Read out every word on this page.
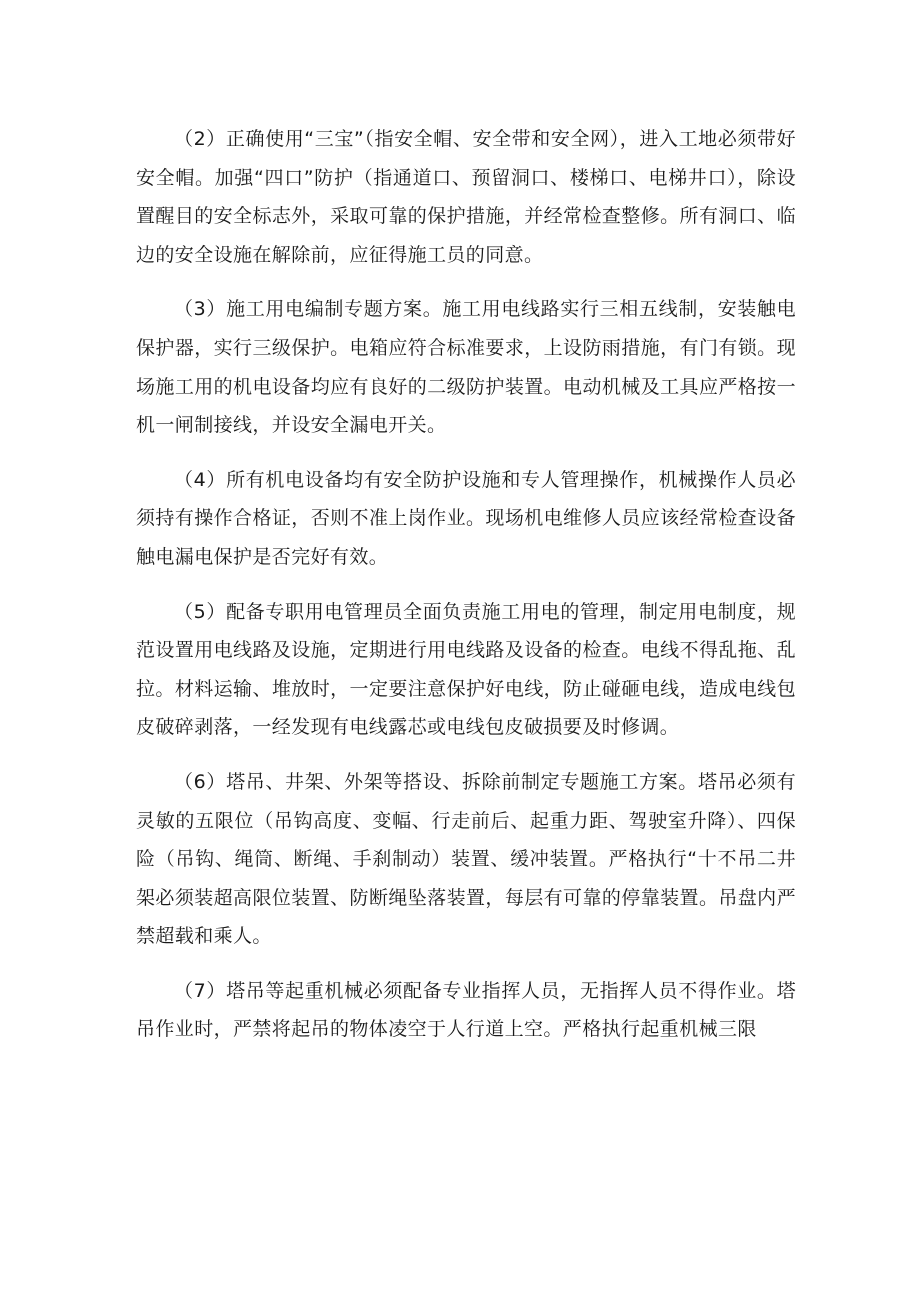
（2）正确使用“三宝”（指安全帽、安全带和安全网），进入工地必须带好安全帽。加强“四口”防护（指通道口、预留洞口、楼梯口、电梯井口），除设置醒目的安全标志外，采取可靠的保护措施，并经常检查整修。所有洞口、临边的安全设施在解除前，应征得施工员的同意。

（3）施工用电编制专题方案。施工用电线路实行三相五线制，安装触电保护器，实行三级保护。电箱应符合标准要求，上设防雨措施，有门有锁。现场施工用的机电设备均应有良好的二级防护装置。电动机械及工具应严格按一机一闸制接线，并设安全漏电开关。

（4）所有机电设备均有安全防护设施和专人管理操作，机械操作人员必须持有操作合格证，否则不准上岗作业。现场机电维修人员应该经常检查设备触电漏电保护是否完好有效。

（5）配备专职用电管理员全面负责施工用电的管理，制定用电制度，规范设置用电线路及设施，定期进行用电线路及设备的检查。电线不得乱拖、乱拉。材料运输、堆放时，一定要注意保护好电线，防止碰砸电线，造成电线包皮破碎剥落，一经发现有电线露芯或电线包皮破损要及时修调。

（6）塔吊、井架、外架等搭设、拆除前制定专题施工方案。塔吊必须有灵敏的五限位（吊钩高度、变幅、行走前后、起重力距、驾驶室升降）、四保险（吊钩、绳筒、断绳、手刹制动）装置、缓冲装置。严格执行“十不吊二井架必须装超高限位装置、防断绳坠落装置，每层有可靠的停靠装置。吊盘内严禁超载和乘人。

（7）塔吊等起重机械必须配备专业指挥人员，无指挥人员不得作业。塔吊作业时，严禁将起吊的物体凌空于人行道上空。严格执行起重机械三限
